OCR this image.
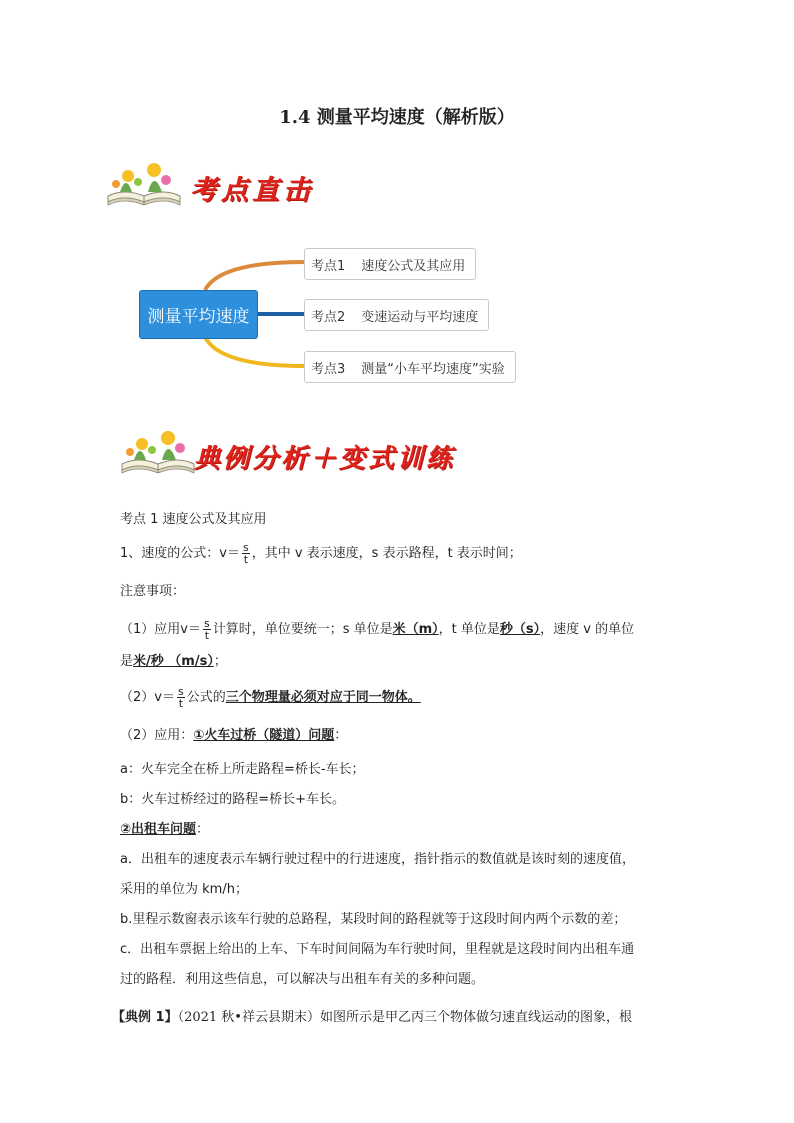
1.4 测量平均速度（解析版）
考点直击
测量平均速度
考点1 速度公式及其应用
考点2 变速运动与平均速度
考点3 测量“小车平均速度”实验
典例分析＋变式训练
考点 1 速度公式及其应用
1、速度的公式：$v= \frac{s}{t}$ ，其中 v 表示速度，s 表示路程，t 表示时间；
注意事项：
（1）应用$v= \frac{s}{t}$ 计算时，单位要统一；s 单位是米（m），t 单位是秒（s），速度 v 的单位
是米/秒 （m/s）；
$(2)v= \frac{s}{t}$ 公式的三个物理量必须对应于同一物体。
（2）应用：①火车过桥（隧道）问题：
a：火车完全在桥上所走路程=桥长-车长；
b：火车过桥经过的路程=桥长+车长。
②出租车问题：
a．出租车的速度表示车辆行驶过程中的行进速度，指针指示的数值就是该时刻的速度值，
采用的单位为 km/h；
b.里程示数窗表示该车行驶的总路程，某段时间的路程就等于这段时间内两个示数的差；
c．出租车票据上给出的上车、下车时间间隔为车行驶时间，里程就是这段时间内出租车通
过的路程．利用这些信息，可以解决与出租车有关的多种问题。
【典例 1】（2021 秋•祥云县期末）如图所示是甲乙丙三个物体做匀速直线运动的图象，根
